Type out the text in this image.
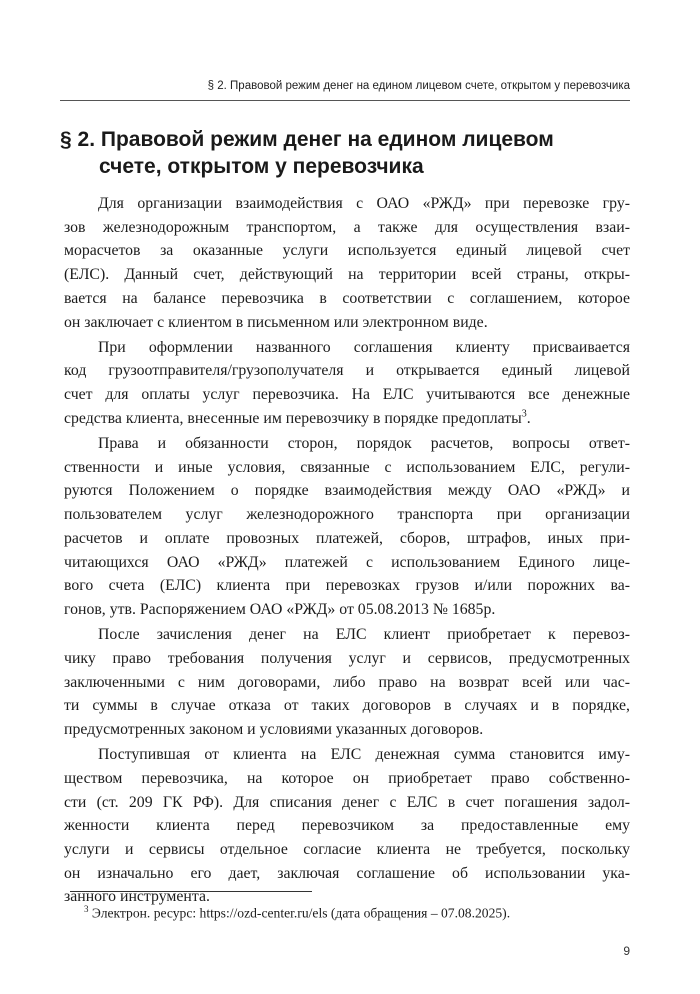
§ 2. Правовой режим денег на едином лицевом счете, открытом у перевозчика
§ 2. Правовой режим денег на едином лицевом
счете, открытом у перевозчика

Для организации взаимодействия с ОАО «РЖД» при перевозке гру-
зов железнодорожным транспортом, а также для осуществления взаи-
морасчетов за оказанные услуги используется единый лицевой счет
(ЕЛС). Данный счет, действующий на территории всей страны, откры-
вается на балансе перевозчика в соответствии с соглашением, которое
он заключает с клиентом в письменном или электронном виде.

При оформлении названного соглашения клиенту присваивается
код грузоотправителя/грузополучателя и открывается единый лицевой
счет для оплаты услуг перевозчика. На ЕЛС учитываются все денежные
средства клиента, внесенные им перевозчику в порядке предоплаты$^3$.

Права и обязанности сторон, порядок расчетов, вопросы ответ-
ственности и иные условия, связанные с использованием ЕЛС, регули-
руются Положением о порядке взаимодействия между ОАО «РЖД» и
пользователем услуг железнодорожного транспорта при организации
расчетов и оплате провозных платежей, сборов, штрафов, иных при-
читающихся ОАО «РЖД» платежей с использованием Единого лице-
вого счета (ЕЛС) клиента при перевозках грузов и/или порожних ва-
гонов, утв. Распоряжением ОАО «РЖД» от 05.08.2013 № 1685р.

После зачисления денег на ЕЛС клиент приобретает к перевоз-
чику право требования получения услуг и сервисов, предусмотренных
заключенными с ним договорами, либо право на возврат всей или час-
ти суммы в случае отказа от таких договоров в случаях и в порядке,
предусмотренных законом и условиями указанных договоров.

Поступившая от клиента на ЕЛС денежная сумма становится иму-
ществом перевозчика, на которое он приобретает право собственно-
сти (ст. 209 ГК РФ). Для списания денег с ЕЛС в счет погашения задол-
женности клиента перед перевозчиком за предоставленные ему
услуги и сервисы отдельное согласие клиента не требуется, поскольку
он изначально его дает, заключая соглашение об использовании ука-
занного инструмента.

$^3$ Электрон. ресурс: https://ozd-center.ru/els (дата обращения – 07.08.2025).
9
